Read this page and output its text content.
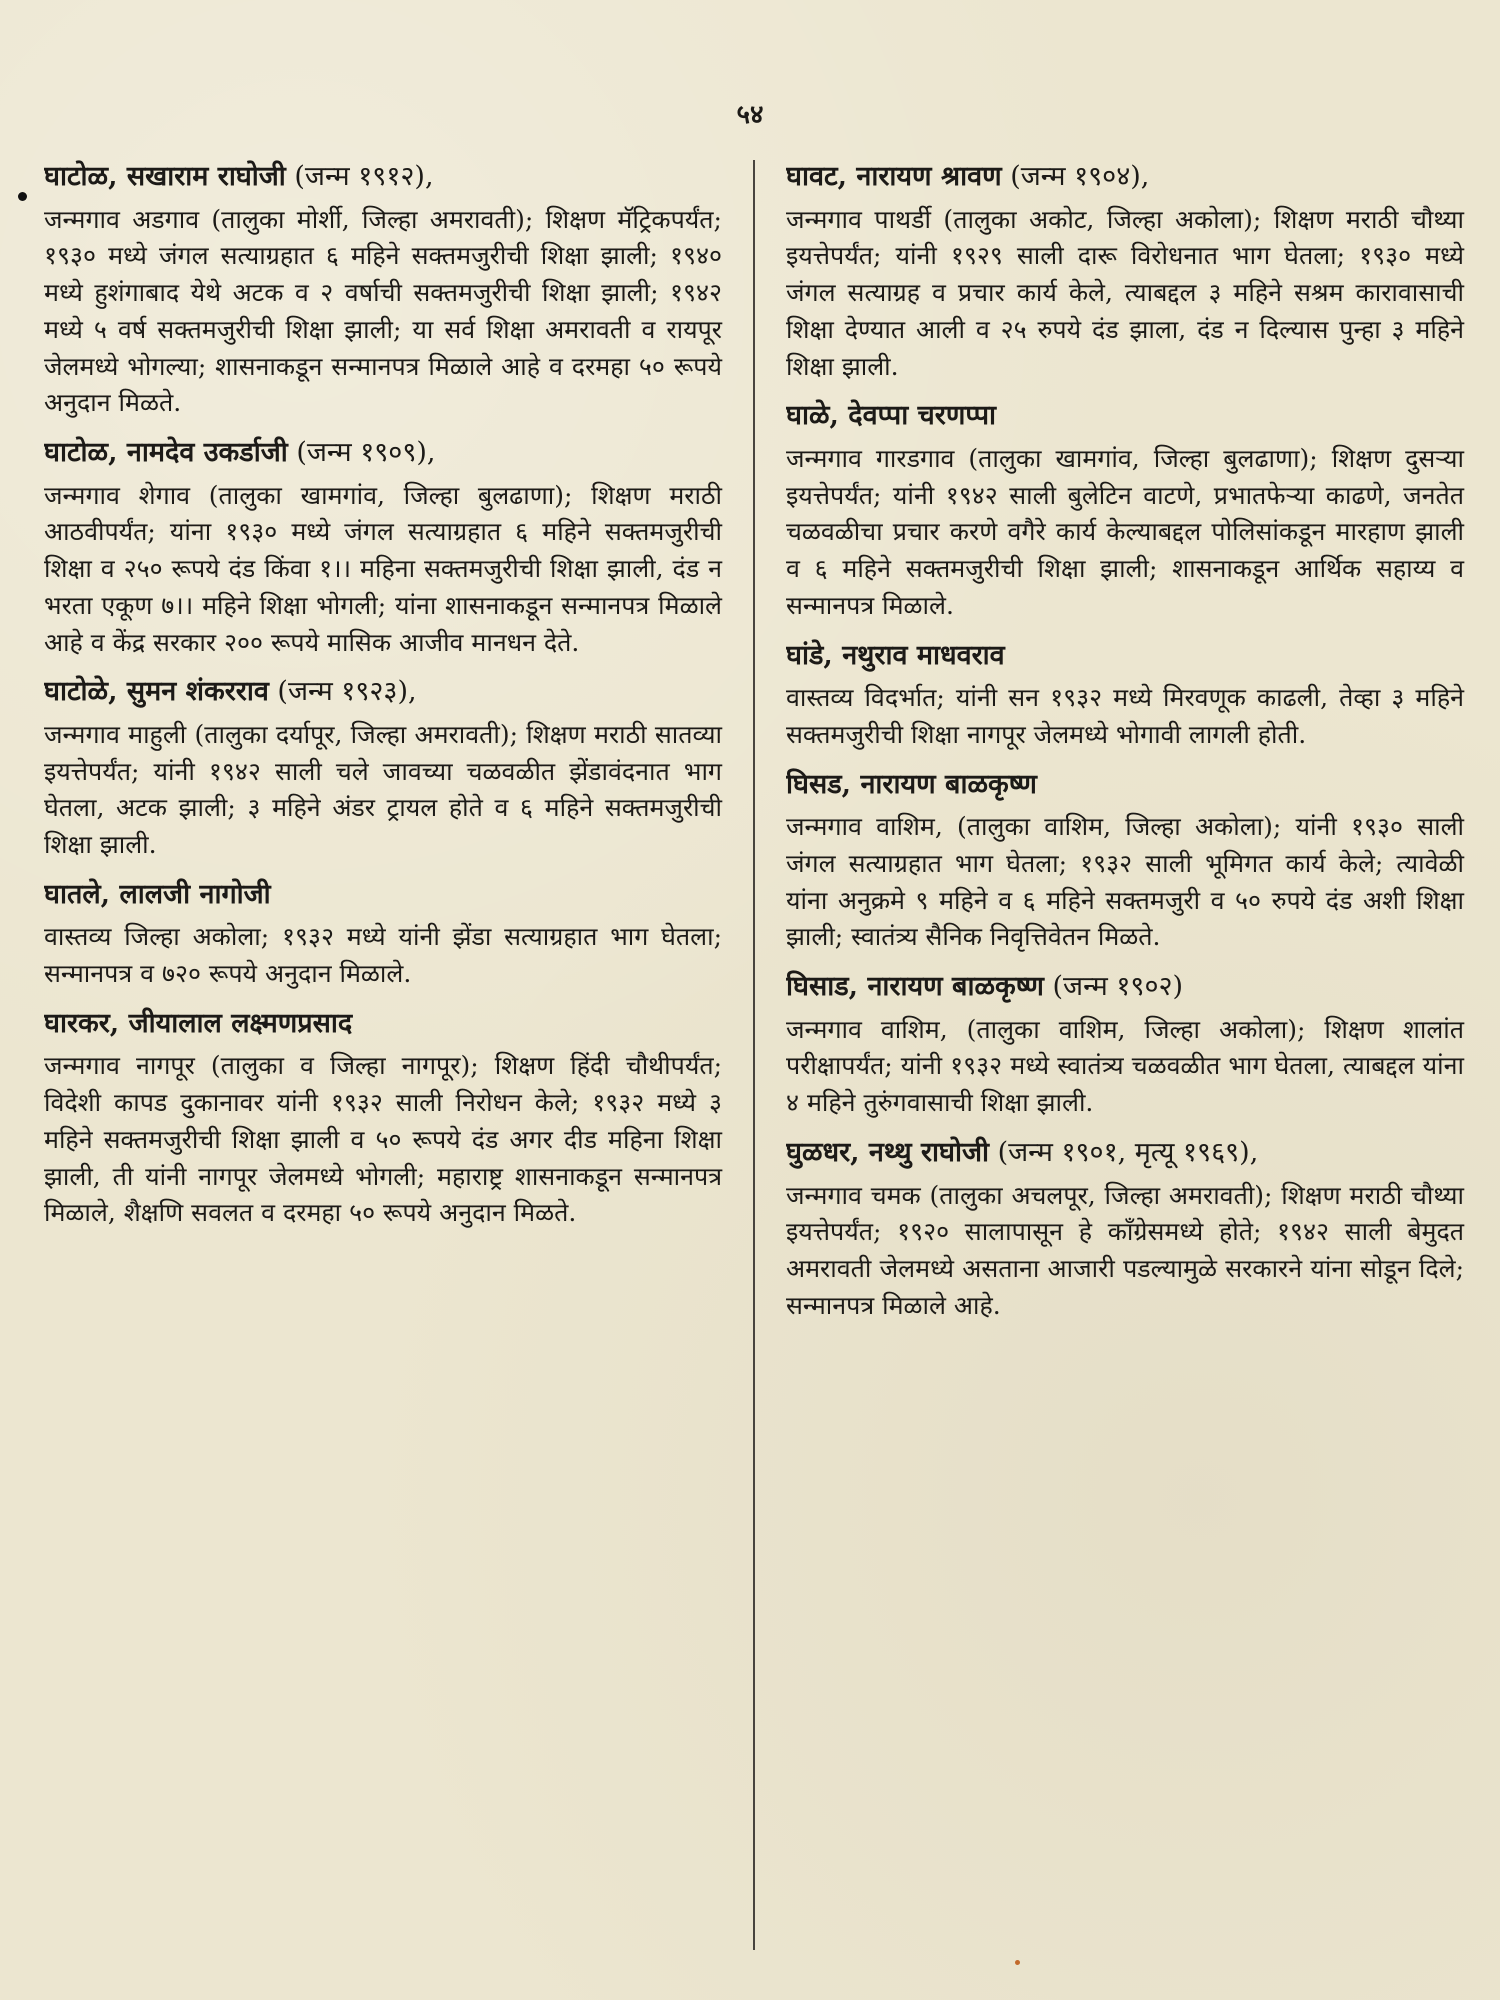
५४

घाटोळ, सखाराम राघोजी (जन्म १९१२),

जन्मगाव अडगाव (तालुका मोर्शी, जिल्हा अमरावती); शिक्षण मॅट्रिकपर्यंत; १९३० मध्ये जंगल सत्याग्रहात ६ महिने सक्तमजुरीची शिक्षा झाली; १९४० मध्ये हुशंगाबाद येथे अटक व २ वर्षाची सक्तमजुरीची शिक्षा झाली; १९४२ मध्ये ५ वर्ष सक्तमजुरीची शिक्षा झाली; या सर्व शिक्षा अमरावती व रायपूर जेलमध्ये भोगल्या; शासनाकडून सन्मानपत्र मिळाले आहे व दरमहा ५० रूपये अनुदान मिळते.

घाटोळ, नामदेव उकर्डाजी (जन्म १९०९),

जन्मगाव शेगाव (तालुका खामगांव, जिल्हा बुलढाणा); शिक्षण मराठी आठवीपर्यंत; यांना १९३० मध्ये जंगल सत्याग्रहात ६ महिने सक्तमजुरीची शिक्षा व २५० रूपये दंड किंवा १।। महिना सक्तमजुरीची शिक्षा झाली, दंड न भरता एकूण ७।। महिने शिक्षा भोगली; यांना शासनाकडून सन्मानपत्र मिळाले आहे व केंद्र सरकार २०० रूपये मासिक आजीव मानधन देते.

घाटोळे, सुमन शंकरराव (जन्म १९२३),

जन्मगाव माहुली (तालुका दर्यापूर, जिल्हा अमरावती); शिक्षण मराठी सातव्या इयत्तेपर्यंत; यांनी १९४२ साली चले जावच्या चळवळीत झेंडावंदनात भाग घेतला, अटक झाली; ३ महिने अंडर ट्रायल होते व ६ महिने सक्तमजुरीची शिक्षा झाली.

घातले, लालजी नागोजी

वास्तव्य जिल्हा अकोला; १९३२ मध्ये यांनी झेंडा सत्याग्रहात भाग घेतला; सन्मानपत्र व ७२० रूपये अनुदान मिळाले.

घारकर, जीयालाल लक्ष्मणप्रसाद

जन्मगाव नागपूर (तालुका व जिल्हा नागपूर); शिक्षण हिंदी चौथीपर्यंत; विदेशी कापड दुकानावर यांनी १९३२ साली निरोधन केले; १९३२ मध्ये ३ महिने सक्तमजुरीची शिक्षा झाली व ५० रूपये दंड अगर दीड महिना शिक्षा झाली, ती यांनी नागपूर जेलमध्ये भोगली; महाराष्ट्र शासनाकडून सन्मानपत्र मिळाले, शैक्षणि सवलत व दरमहा ५० रूपये अनुदान मिळते.

घावट, नारायण श्रावण (जन्म १९०४),

जन्मगाव पाथर्डी (तालुका अकोट, जिल्हा अकोला); शिक्षण मराठी चौथ्या इयत्तेपर्यंत; यांनी १९२९ साली दारू विरोधनात भाग घेतला; १९३० मध्ये जंगल सत्याग्रह व प्रचार कार्य केले, त्याबद्दल ३ महिने सश्रम कारावासाची शिक्षा देण्यात आली व २५ रुपये दंड झाला, दंड न दिल्यास पुन्हा ३ महिने शिक्षा झाली.

घाळे, देवप्पा चरणप्पा

जन्मगाव गारडगाव (तालुका खामगांव, जिल्हा बुलढाणा); शिक्षण दुसऱ्या इयत्तेपर्यंत; यांनी १९४२ साली बुलेटिन वाटणे, प्रभातफेऱ्या काढणे, जनतेत चळवळीचा प्रचार करणे वगैरे कार्य केल्याबद्दल पोलिसांकडून मारहाण झाली व ६ महिने सक्तमजुरीची शिक्षा झाली; शासनाकडून आर्थिक सहाय्य व सन्मानपत्र मिळाले.

घांडे, नथुराव माधवराव

वास्तव्य विदर्भात; यांनी सन १९३२ मध्ये मिरवणूक काढली, तेव्हा ३ महिने सक्तमजुरीची शिक्षा नागपूर जेलमध्ये भोगावी लागली होती.

घिसड, नारायण बाळकृष्ण

जन्मगाव वाशिम, (तालुका वाशिम, जिल्हा अकोला); यांनी १९३० साली जंगल सत्याग्रहात भाग घेतला; १९३२ साली भूमिगत कार्य केले; त्यावेळी यांना अनुक्रमे ९ महिने व ६ महिने सक्तमजुरी व ५० रुपये दंड अशी शिक्षा झाली; स्वातंत्र्य सैनिक निवृत्तिवेतन मिळते.

घिसाड, नारायण बाळकृष्ण (जन्म १९०२)

जन्मगाव वाशिम, (तालुका वाशिम, जिल्हा अकोला); शिक्षण शालांत परीक्षापर्यंत; यांनी १९३२ मध्ये स्वातंत्र्य चळवळीत भाग घेतला, त्याबद्दल यांना ४ महिने तुरुंगवासाची शिक्षा झाली.

घुळधर, नथ्थु राघोजी (जन्म १९०१, मृत्यू १९६९),

जन्मगाव चमक (तालुका अचलपूर, जिल्हा अमरावती); शिक्षण मराठी चौथ्या इयत्तेपर्यंत; १९२० सालापासून हे कॉंग्रेसमध्ये होते; १९४२ साली बेमुदत अमरावती जेलमध्ये असताना आजारी पडल्यामुळे सरकारने यांना सोडून दिले; सन्मानपत्र मिळाले आहे.
